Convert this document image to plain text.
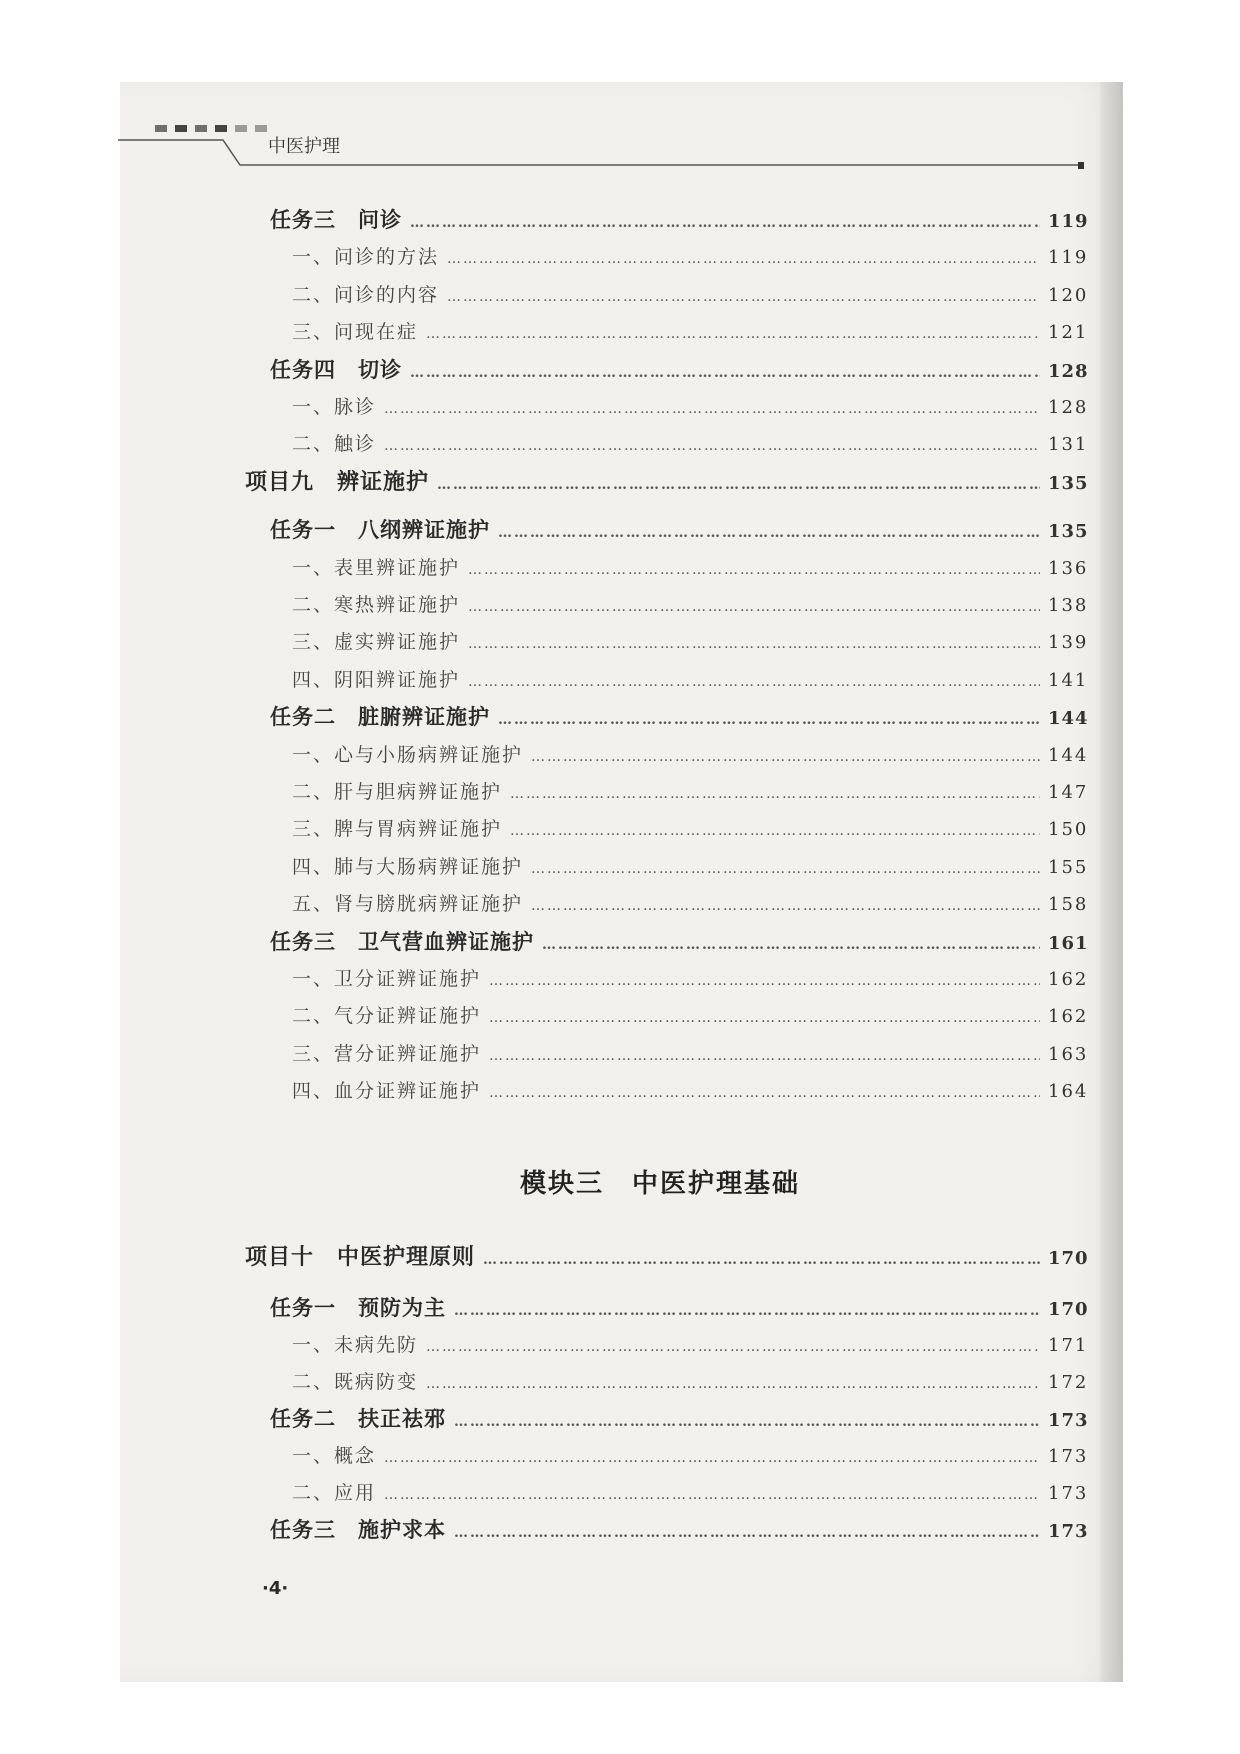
中医护理
任务三　问诊 …………………………………………………………………………………………………………………………………………………………………………………………………………………………………………………………	119
一、问诊的方法 …………………………………………………………………………………………………………………………………………………………………………………………………………………………………………………………	119
二、问诊的内容 …………………………………………………………………………………………………………………………………………………………………………………………………………………………………………………………	120
三、问现在症 …………………………………………………………………………………………………………………………………………………………………………………………………………………………………………………………	121
任务四　切诊 …………………………………………………………………………………………………………………………………………………………………………………………………………………………………………………………	128
一、脉诊 …………………………………………………………………………………………………………………………………………………………………………………………………………………………………………………………	128
二、触诊 …………………………………………………………………………………………………………………………………………………………………………………………………………………………………………………………	131
项目九　辨证施护 …………………………………………………………………………………………………………………………………………………………………………………………………………………………………………………………	135
任务一　八纲辨证施护 …………………………………………………………………………………………………………………………………………………………………………………………………………………………………………………………	135
一、表里辨证施护 …………………………………………………………………………………………………………………………………………………………………………………………………………………………………………………………	136
二、寒热辨证施护 …………………………………………………………………………………………………………………………………………………………………………………………………………………………………………………………	138
三、虚实辨证施护 …………………………………………………………………………………………………………………………………………………………………………………………………………………………………………………………	139
四、阴阳辨证施护 …………………………………………………………………………………………………………………………………………………………………………………………………………………………………………………………	141
任务二　脏腑辨证施护 …………………………………………………………………………………………………………………………………………………………………………………………………………………………………………………………	144
一、心与小肠病辨证施护 …………………………………………………………………………………………………………………………………………………………………………………………………………………………………………………………	144
二、肝与胆病辨证施护 …………………………………………………………………………………………………………………………………………………………………………………………………………………………………………………………	147
三、脾与胃病辨证施护 …………………………………………………………………………………………………………………………………………………………………………………………………………………………………………………………	150
四、肺与大肠病辨证施护 …………………………………………………………………………………………………………………………………………………………………………………………………………………………………………………………	155
五、肾与膀胱病辨证施护 …………………………………………………………………………………………………………………………………………………………………………………………………………………………………………………………	158
任务三　卫气营血辨证施护 …………………………………………………………………………………………………………………………………………………………………………………………………………………………………………………………	161
一、卫分证辨证施护 …………………………………………………………………………………………………………………………………………………………………………………………………………………………………………………………	162
二、气分证辨证施护 …………………………………………………………………………………………………………………………………………………………………………………………………………………………………………………………	162
三、营分证辨证施护 …………………………………………………………………………………………………………………………………………………………………………………………………………………………………………………………	163
四、血分证辨证施护 …………………………………………………………………………………………………………………………………………………………………………………………………………………………………………………………	164
项目十　中医护理原则 …………………………………………………………………………………………………………………………………………………………………………………………………………………………………………………………	170
任务一　预防为主 …………………………………………………………………………………………………………………………………………………………………………………………………………………………………………………………	170
一、未病先防 …………………………………………………………………………………………………………………………………………………………………………………………………………………………………………………………	171
二、既病防变 …………………………………………………………………………………………………………………………………………………………………………………………………………………………………………………………	172
任务二　扶正祛邪 …………………………………………………………………………………………………………………………………………………………………………………………………………………………………………………………	173
一、概念 …………………………………………………………………………………………………………………………………………………………………………………………………………………………………………………………	173
二、应用 …………………………………………………………………………………………………………………………………………………………………………………………………………………………………………………………	173
任务三　施护求本 …………………………………………………………………………………………………………………………………………………………………………………………………………………………………………………………	173
模块三　中医护理基础
·4·
